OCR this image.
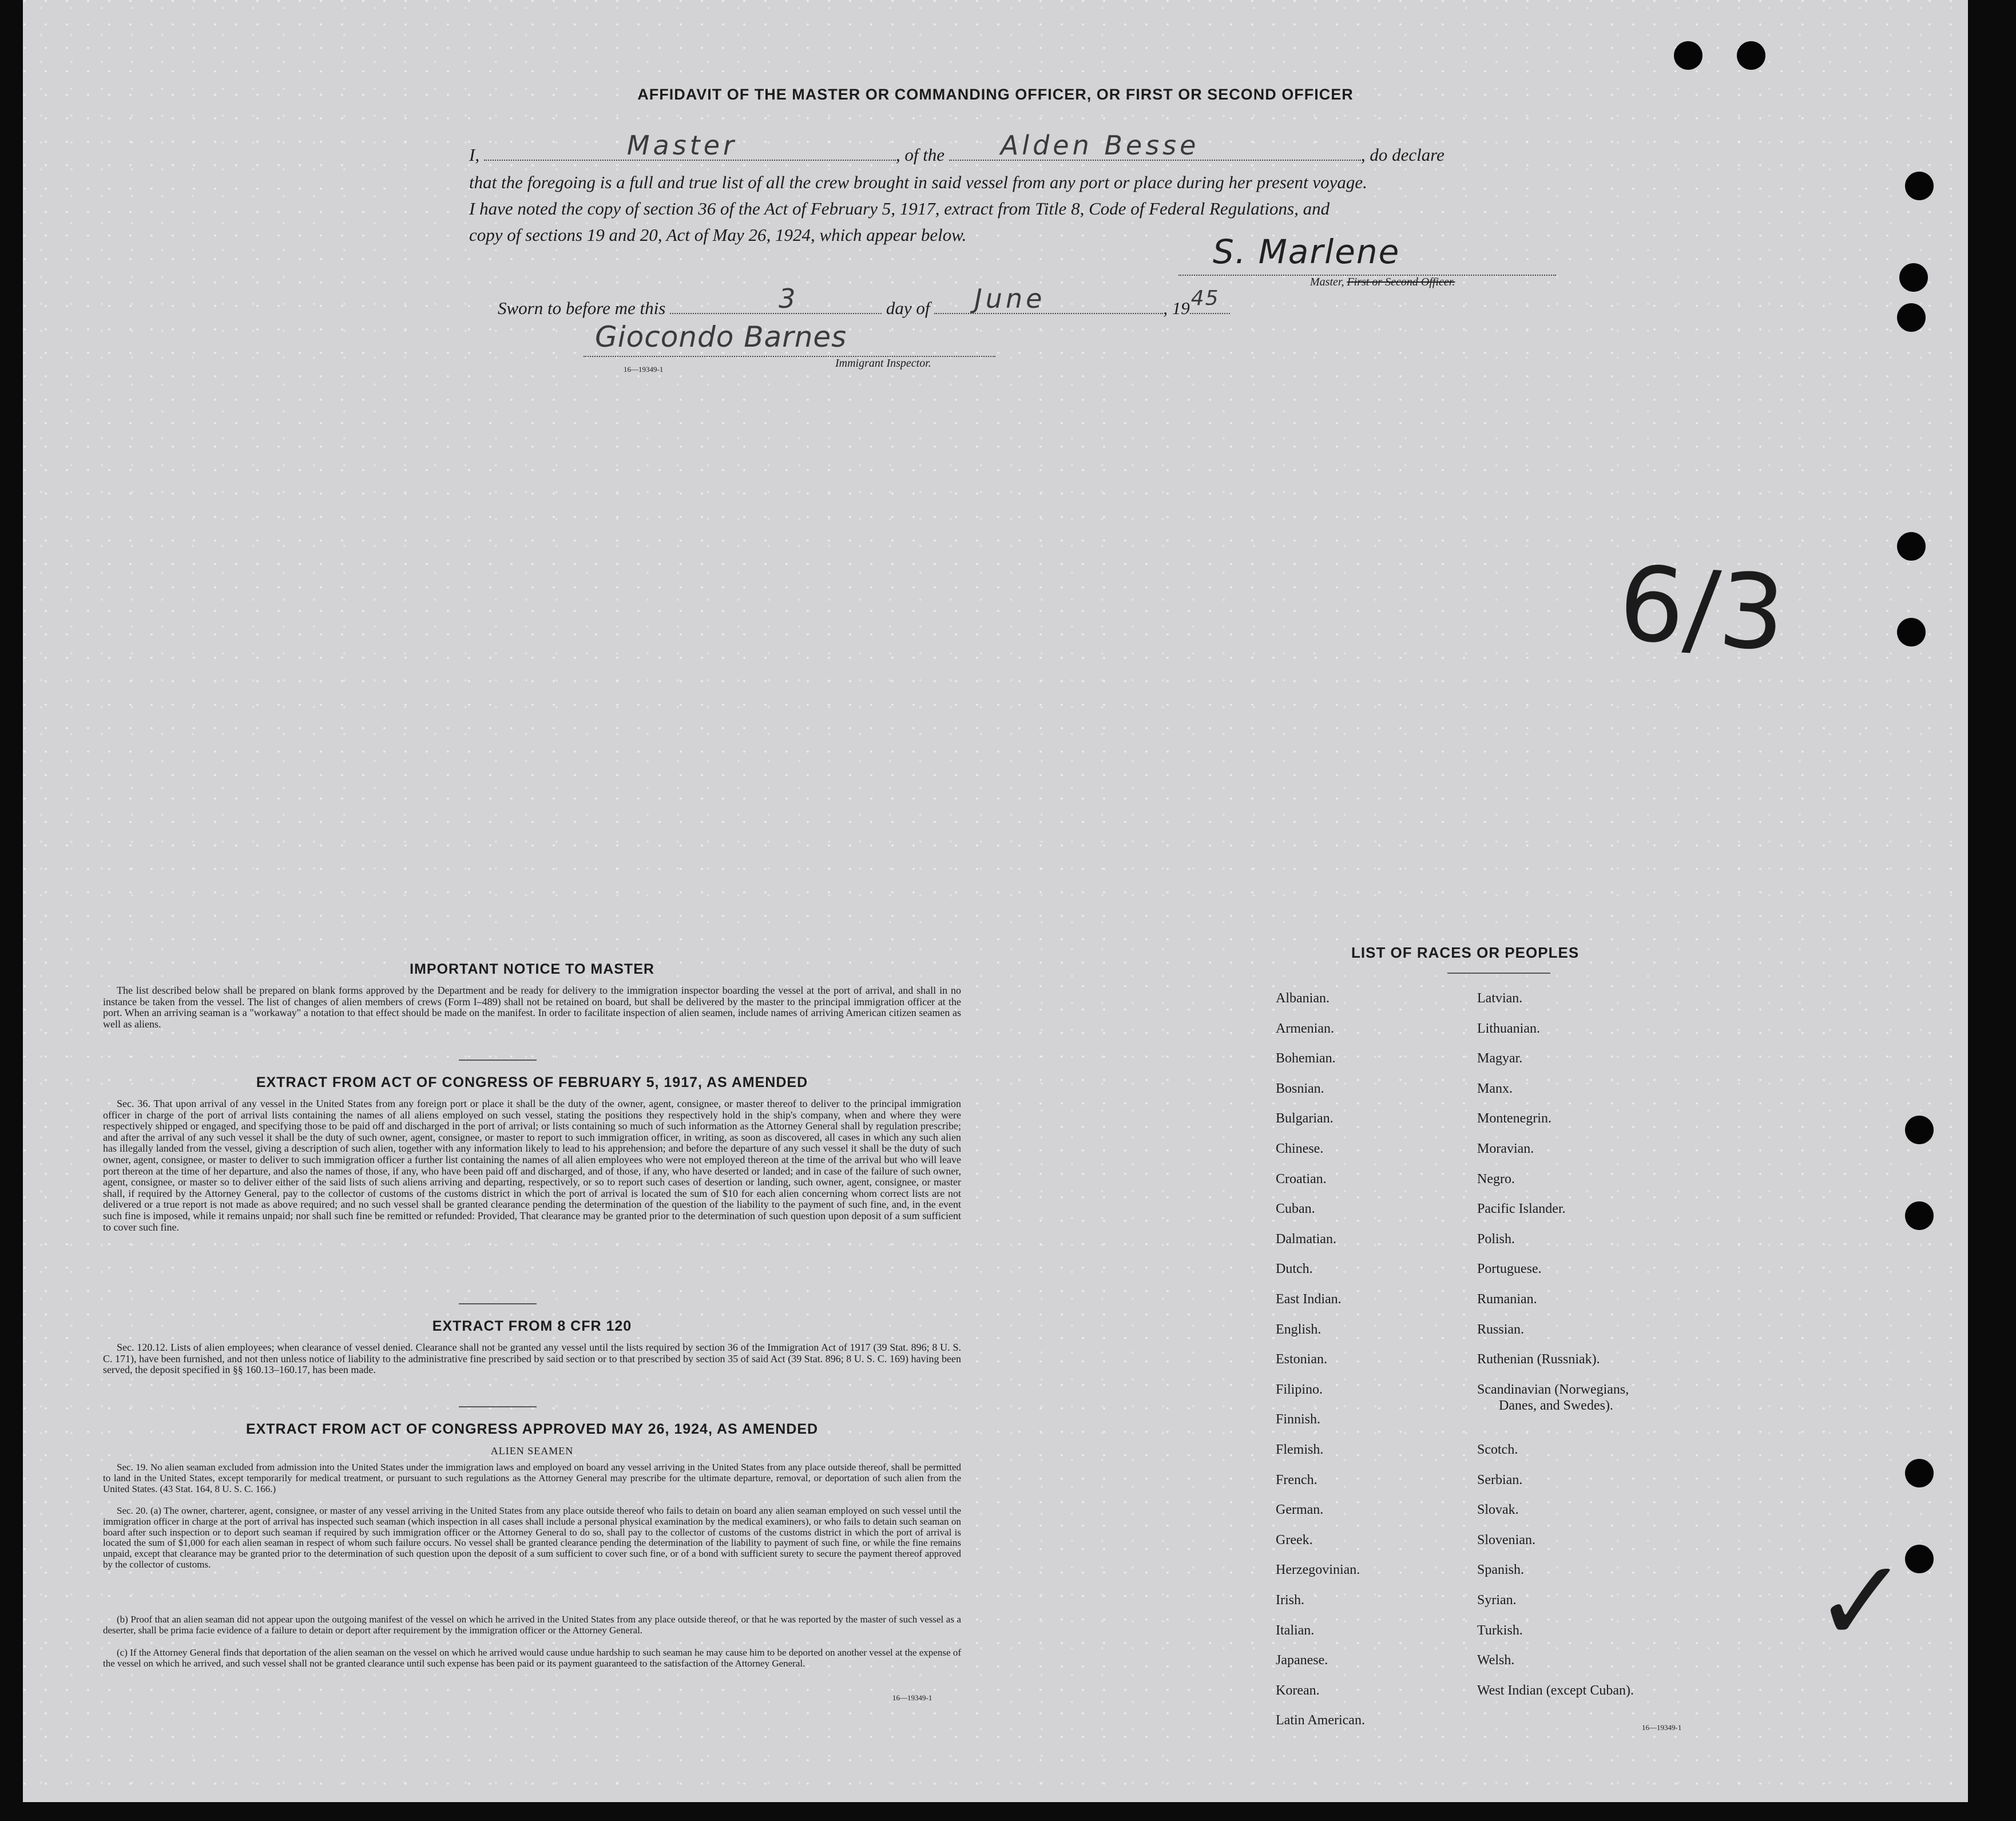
AFFIDAVIT OF THE MASTER OR COMMANDING OFFICER, OR FIRST OR SECOND OFFICER
I,	Master	, of the Alden Besse	, do declare
that the foregoing is a full and true list of all the crew brought in said vessel from any port or place during her present voyage.
I have noted the copy of section 36 of the Act of February 5, 1917, extract from Title 8, Code of Federal Regulations, and
copy of sections 19 and 20, Act of May 26, 1924, which appear below.	S. Marlene
Master, First or Second Officer.
Sworn to before me this	3	day of June	, 19 45
Giocondo Barnes
16—19349-1	Immigrant Inspector.
6/3
✓
IMPORTANT NOTICE TO MASTER
The list described below shall be prepared on blank forms approved by the Department and be ready for delivery to the immigration inspector boarding the vessel at the port of arrival, and shall in no instance be taken from the vessel. The list of changes of alien members of crews (Form I–489) shall not be retained on board, but shall be delivered by the master to the principal immigration officer at the port. When an arriving seaman is a "workaway" a notation to that effect should be made on the manifest. In order to facilitate inspection of alien seamen, include names of arriving American citizen seamen as well as aliens.
EXTRACT FROM ACT OF CONGRESS OF FEBRUARY 5, 1917, AS AMENDED
Sec. 36. That upon arrival of any vessel in the United States from any foreign port or place it shall be the duty of the owner, agent, consignee, or master thereof to deliver to the principal immigration officer in charge of the port of arrival lists containing the names of all aliens employed on such vessel, stating the positions they respectively hold in the ship's company, when and where they were respectively shipped or engaged, and specifying those to be paid off and discharged in the port of arrival; or lists containing so much of such information as the Attorney General shall by regulation prescribe; and after the arrival of any such vessel it shall be the duty of such owner, agent, consignee, or master to report to such immigration officer, in writing, as soon as discovered, all cases in which any such alien has illegally landed from the vessel, giving a description of such alien, together with any information likely to lead to his apprehension; and before the departure of any such vessel it shall be the duty of such owner, agent, consignee, or master to deliver to such immigration officer a further list containing the names of all alien employees who were not employed thereon at the time of the arrival but who will leave port thereon at the time of her departure, and also the names of those, if any, who have been paid off and discharged, and of those, if any, who have deserted or landed; and in case of the failure of such owner, agent, consignee, or master so to deliver either of the said lists of such aliens arriving and departing, respectively, or so to report such cases of desertion or landing, such owner, agent, consignee, or master shall, if required by the Attorney General, pay to the collector of customs of the customs district in which the port of arrival is located the sum of $10 for each alien concerning whom correct lists are not delivered or a true report is not made as above required; and no such vessel shall be granted clearance pending the determination of the question of the liability to the payment of such fine, and, in the event such fine is imposed, while it remains unpaid; nor shall such fine be remitted or refunded: Provided, That clearance may be granted prior to the determination of such question upon deposit of a sum sufficient to cover such fine.
EXTRACT FROM 8 CFR 120
Sec. 120.12. Lists of alien employees; when clearance of vessel denied. Clearance shall not be granted any vessel until the lists required by section 36 of the Immigration Act of 1917 (39 Stat. 896; 8 U. S. C. 171), have been furnished, and not then unless notice of liability to the administrative fine prescribed by said section or to that prescribed by section 35 of said Act (39 Stat. 896; 8 U. S. C. 169) having been served, the deposit specified in §§ 160.13–160.17, has been made.
EXTRACT FROM ACT OF CONGRESS APPROVED MAY 26, 1924, AS AMENDED
ALIEN SEAMEN
Sec. 19. No alien seaman excluded from admission into the United States under the immigration laws and employed on board any vessel arriving in the United States from any place outside thereof, shall be permitted to land in the United States, except temporarily for medical treatment, or pursuant to such regulations as the Attorney General may prescribe for the ultimate departure, removal, or deportation of such alien from the United States. (43 Stat. 164, 8 U. S. C. 166.)
Sec. 20. (a) The owner, charterer, agent, consignee, or master of any vessel arriving in the United States from any place outside thereof who fails to detain on board any alien seaman employed on such vessel until the immigration officer in charge at the port of arrival has inspected such seaman (which inspection in all cases shall include a personal physical examination by the medical examiners), or who fails to detain such seaman on board after such inspection or to deport such seaman if required by such immigration officer or the Attorney General to do so, shall pay to the collector of customs of the customs district in which the port of arrival is located the sum of $1,000 for each alien seaman in respect of whom such failure occurs. No vessel shall be granted clearance pending the determination of the liability to payment of such fine, or while the fine remains unpaid, except that clearance may be granted prior to the determination of such question upon the deposit of a sum sufficient to cover such fine, or of a bond with sufficient surety to secure the payment thereof approved by the collector of customs.
(b) Proof that an alien seaman did not appear upon the outgoing manifest of the vessel on which he arrived in the United States from any place outside thereof, or that he was reported by the master of such vessel as a deserter, shall be prima facie evidence of a failure to detain or deport after requirement by the immigration officer or the Attorney General.
(c) If the Attorney General finds that deportation of the alien seaman on the vessel on which he arrived would cause undue hardship to such seaman he may cause him to be deported on another vessel at the expense of the vessel on which he arrived, and such vessel shall not be granted clearance until such expense has been paid or its payment guaranteed to the satisfaction of the Attorney General.
16—19349-1
LIST OF RACES OR PEOPLES
Albanian.
Armenian.
Bohemian.
Bosnian.
Bulgarian.
Chinese.
Croatian.
Cuban.
Dalmatian.
Dutch.
East Indian.
English.
Estonian.
Filipino.
Finnish.
Flemish.
French.
German.
Greek.
Herzegovinian.
Irish.
Italian.
Japanese.
Korean.
Latin American.
Latvian.
Lithuanian.
Magyar.
Manx.
Montenegrin.
Moravian.
Negro.
Pacific Islander.
Polish.
Portuguese.
Rumanian.
Russian.
Ruthenian (Russniak).
Scandinavian (Norwegians,
Danes, and Swedes).
Scotch.
Serbian.
Slovak.
Slovenian.
Spanish.
Syrian.
Turkish.
Welsh.
West Indian (except Cuban).
16—19349-1
